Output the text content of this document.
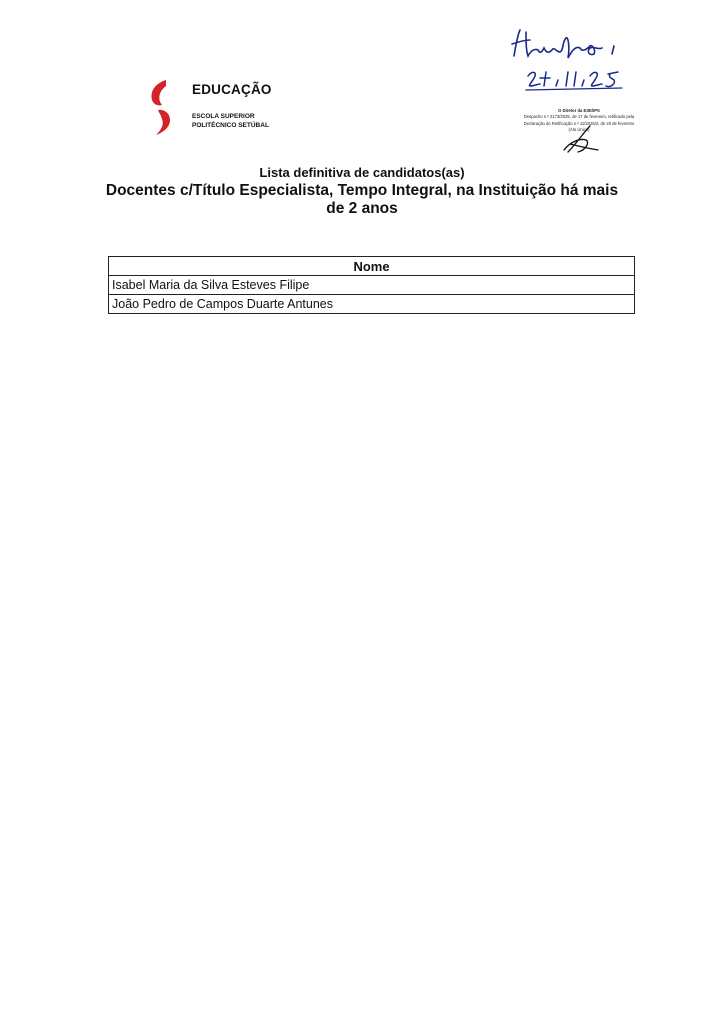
EDUCAÇÃO
ESCOLA SUPERIOR
POLITÉCNICO SETÚBAL
O Diretor da ESE/IPS
Despacho n.º 2173/2025, de 17 de fevereiro, retificado pela
Declaração de Retificação n.º 11/2025/2, de 20 de fevereiro
(Ato Único)
Lista definitiva de candidatos(as)
Docentes c/Título Especialista, Tempo Integral, na Instituição há mais de 2 anos
Nome
Isabel Maria da Silva Esteves Filipe
João Pedro de Campos Duarte Antunes
